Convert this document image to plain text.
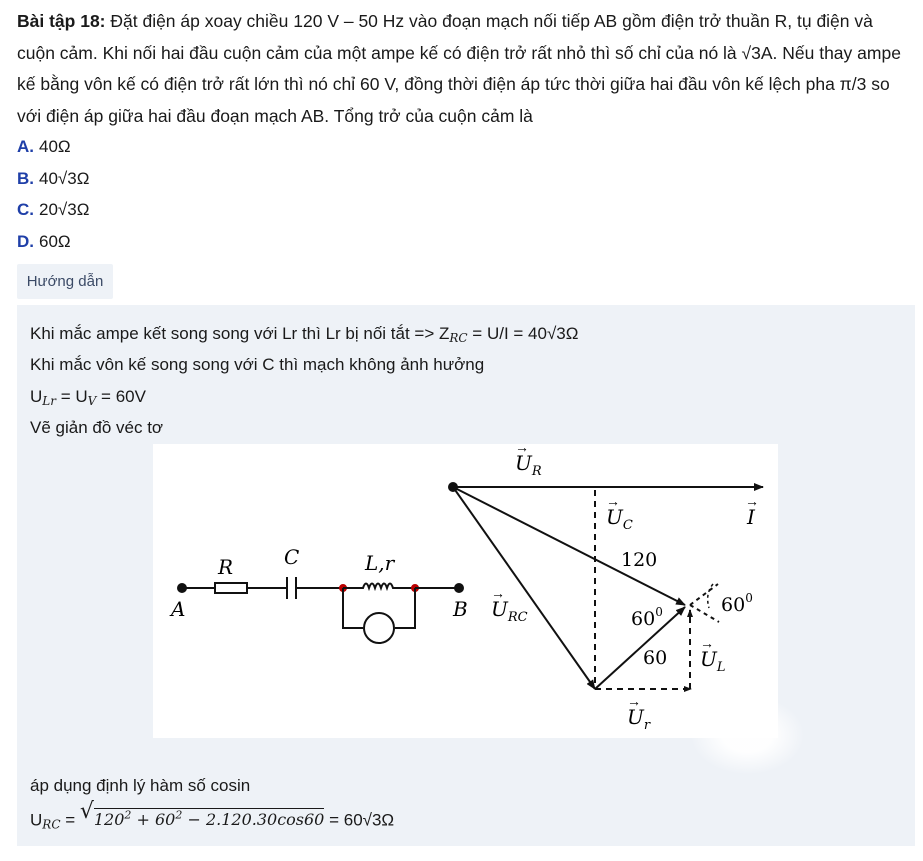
Bài tập 18: Đặt điện áp xoay chiều 120 V – 50 Hz vào đoạn mạch nối tiếp AB gồm điện trở thuần R, tụ điện và cuộn cảm. Khi nối hai đầu cuộn cảm của một ampe kế có điện trở rất nhỏ thì số chỉ của nó là √3A. Nếu thay ampe kế bằng vôn kế có điện trở rất lớn thì nó chỉ 60 V, đồng thời điện áp tức thời giữa hai đầu vôn kế lệch pha π/3 so với điện áp giữa hai đầu đoạn mạch AB. Tổng trở của cuộn cảm là
A. 40Ω
B. 40√3Ω
C. 20√3Ω
D. 60Ω
Hướng dẫn
Khi mắc ampe kết song song với Lr thì Lr bị nối tắt => $Z_{RC} = U/I = 40√3\Omega$
Khi mắc vôn kế song song với C thì mạch không ảnh hưởng
$U_{Lr} = U_V = 60V$
Vẽ giản đồ véc tơ
R	C	L,r
A	B
$U_R$
→
$U_C$
→
I
→
$U_{RC}$
→
$U_L$
→
$U_r$
→
120
60
$60^0$	$60^0$
áp dụng định lý hàm số cosin
$U_{RC}$ = √ $120^2 + 60^2 - 2.120.30\cos 60 = 60√3\Omega$
